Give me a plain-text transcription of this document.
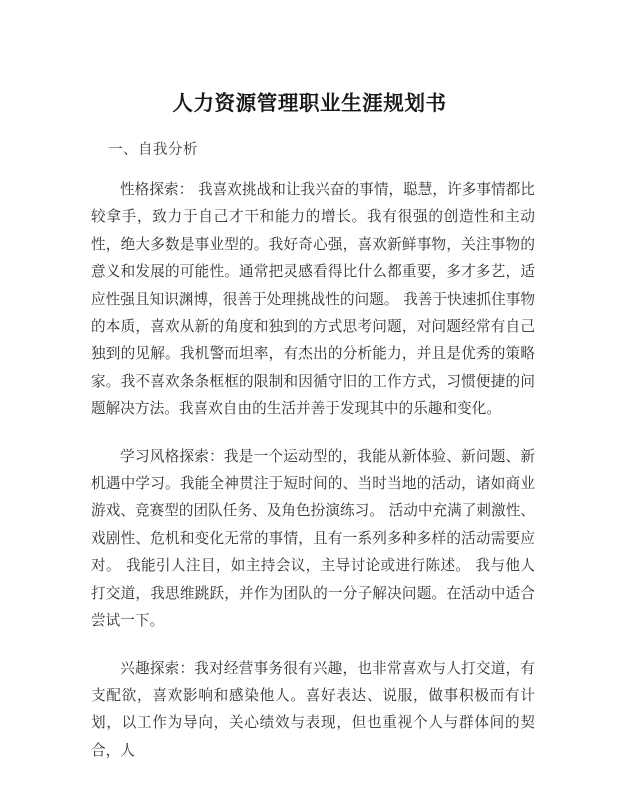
人力资源管理职业生涯规划书
一、自我分析

性格探索： 我喜欢挑战和让我兴奋的事情，聪慧，许多事情都比较拿手，致力于自己才干和能力的增长。我有很强的创造性和主动性，绝大多数是事业型的。我好奇心强，喜欢新鲜事物，关注事物的意义和发展的可能性。通常把灵感看得比什么都重要，多才多艺，适应性强且知识渊博，很善于处理挑战性的问题。 我善于快速抓住事物的本质，喜欢从新的角度和独到的方式思考问题，对问题经常有自己独到的见解。我机警而坦率，有杰出的分析能力，并且是优秀的策略家。我不喜欢条条框框的限制和因循守旧的工作方式，习惯便捷的问题解决方法。我喜欢自由的生活并善于发现其中的乐趣和变化。

学习风格探索：我是一个运动型的，我能从新体验、新问题、新机遇中学习。我能全神贯注于短时间的、当时当地的活动，诸如商业游戏、竞赛型的团队任务、及角色扮演练习。 活动中充满了刺激性、戏剧性、危机和变化无常的事情，且有一系列多种多样的活动需要应对。 我能引人注目，如主持会议，主导讨论或进行陈述。 我与他人打交道，我思维跳跃，并作为团队的一分子解决问题。在活动中适合尝试一下。

兴趣探索：我对经营事务很有兴趣，也非常喜欢与人打交道，有支配欲，喜欢影响和感染他人。喜好表达、说服，做事积极而有计划，以工作为导向，关心绩效与表现，但也重视个人与群体间的契合，人
